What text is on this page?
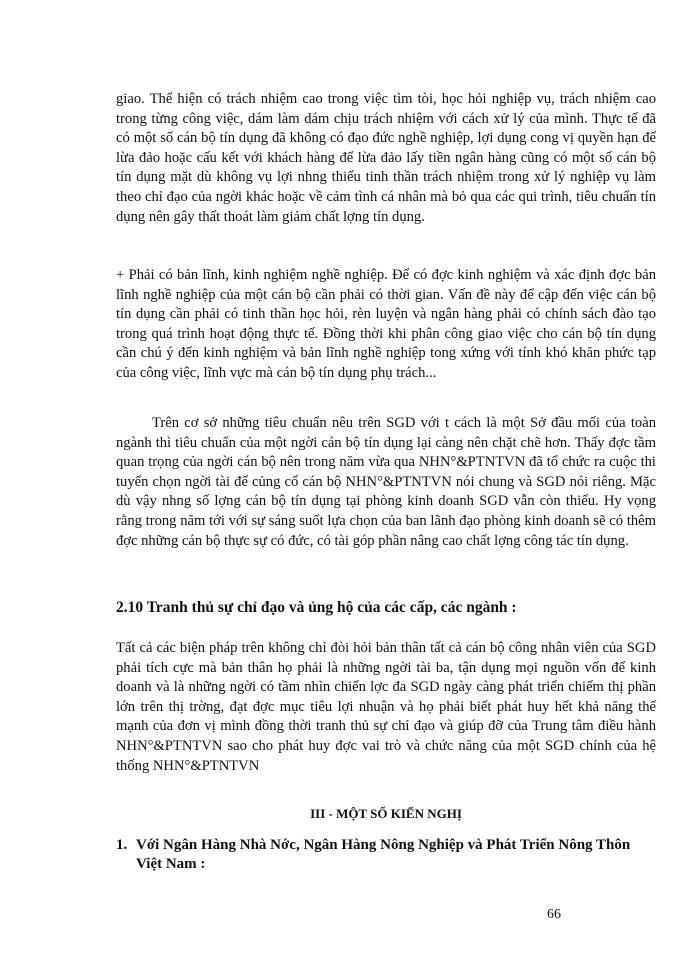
giao. Thể hiện có trách nhiệm cao trong việc tìm tòi, học hỏi nghiệp vụ, trách nhiệm cao trong từng công việc, dám làm dám chịu trách nhiệm với cách xử lý của mình. Thực tế đã có một số cán bộ tín dụng đã không có đạo đức nghề nghiệp, lợi dụng cong vị quyền hạn để lừa đảo hoặc cấu kết với khách hàng để lừa đảo lấy tiền ngân hàng cũng có một số cán bộ tín dụng mặt dù không vụ lợi nhng thiếu tinh thần trách nhiệm trong xử lý nghiệp vụ làm theo chỉ đạo của ngời khác hoặc về cảm tình cá nhân mà bỏ qua các qui trình, tiêu chuẩn tín dụng nên gây thất thoát làm giảm chất lợng tín dụng.

+ Phải có bản lĩnh, kinh nghiệm nghề nghiệp. Để có đợc kinh nghiệm và xác định đợc bản lĩnh nghề nghiệp của một cán bộ cần phải có thời gian. Vấn đề này để cập đến việc cán bộ tín dụng cần phải có tinh thần học hỏi, rèn luyện và ngân hàng phải có chính sách đào tạo trong quá trình hoạt động thực tế. Đồng thời khi phân công giao việc cho cán bộ tín dụng cần chú ý đến kinh nghiệm và bản lĩnh nghề nghiệp tong xứng với tính khó khăn phức tạp của công việc, lĩnh vực mà cán bộ tín dụng phụ trách...

Trên cơ sở những tiêu chuẩn nêu trên SGD với t cách là một Sở đầu mối của toàn ngành thì tiêu chuẩn của một ngời cán bộ tín dụng lại càng nên chặt chẽ hơn. Thấy đợc tầm quan trọng của ngời cán bộ nên trong năm vừa qua NHN°&PTNTVN đã tổ chức ra cuộc thi tuyển chọn ngời tài để củng cố cán bộ NHN°&PTNTVN nói chung và SGD nói riêng. Mặc dù vậy nhng số lợng cán bộ tín dụng tại phòng kinh doanh SGD vẫn còn thiếu. Hy vọng rằng trong năm tới với sự sáng suốt lựa chọn của ban lãnh đạo phòng kinh doanh sẽ có thêm đợc những cán bộ thực sự có đức, có tài góp phần nâng cao chất lợng công tác tín dụng.

2.10 Tranh thủ sự chỉ đạo và ủng hộ của các cấp, các ngành :

Tất cả các biện pháp trên không chỉ đòi hỏi bản thân tất cả cán bộ công nhân viên của SGD phải tích cực mà bản thân họ phải là những ngời tài ba, tận dụng mọi nguồn vốn để kinh doanh và là những ngời có tầm nhìn chiến lợc đa SGD ngày càng phát triển chiếm thị phần lớn trên thị trờng, đạt đợc mục tiêu lợi nhuận và họ phải biết phát huy hết khả năng thế mạnh của đơn vị mình đồng thời tranh thủ sự chỉ đạo và giúp đỡ của Trung tâm điều hành NHN°&PTNTVN sao cho phát huy đợc vai trò và chức năng của một SGD chính của hệ thống NHN°&PTNTVN

III - MỘT SỐ KIẾN NGHỊ

1. Với Ngân Hàng Nhà Nớc, Ngân Hàng Nông Nghiệp và Phát Triển Nông Thôn Việt Nam :

66
